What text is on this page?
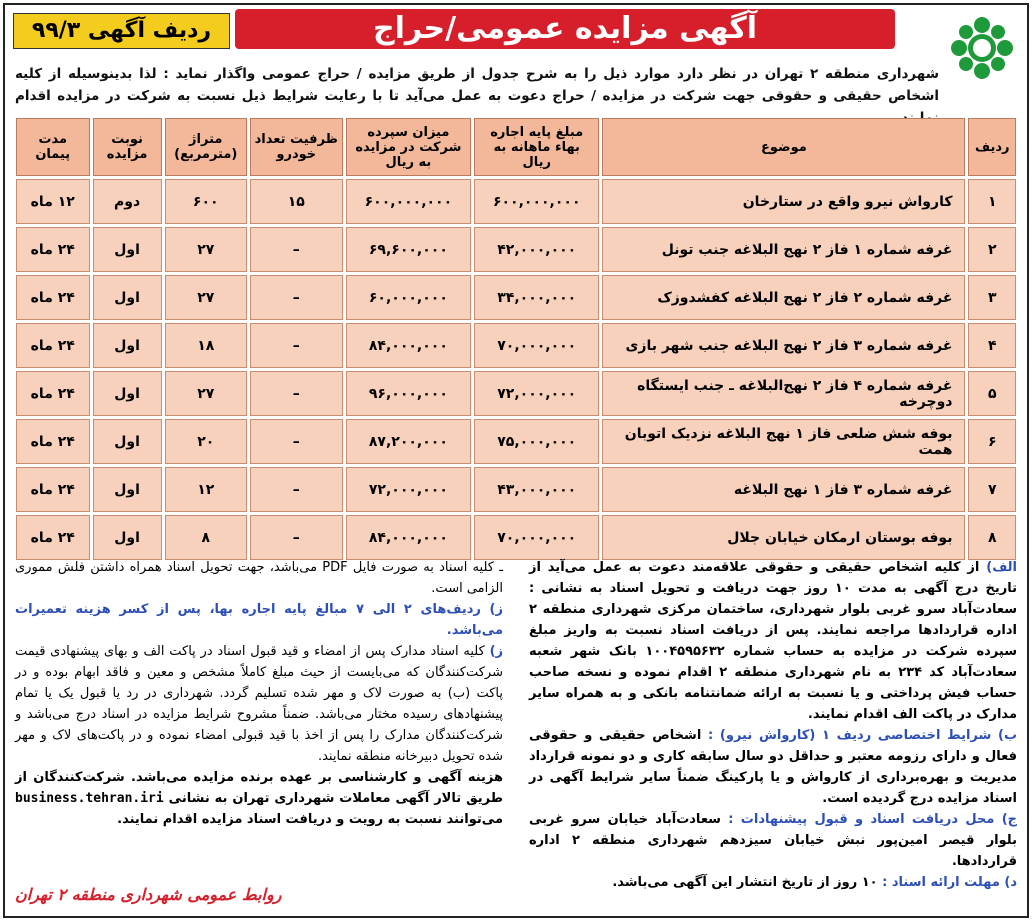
آگهی مزایده عمومی/حراج
ردیف آگهی ۹۹/۳
شهرداری منطقه ۲ تهران در نظر دارد موارد ذیل را به شرح جدول از طریق مزایده / حراج عمومی واگذار نماید : لذا بدینوسیله از کلیه اشخاص حقیقی و حقوقی جهت شرکت در مزایده / حراج دعوت به عمل می‌آید تا با رعایت شرایط ذیل نسبت به شرکت در مزایده اقدام
ردیف	موضوع	مبلغ پایه اجاره بهاء ماهانه به ریال	میزان سپرده شرکت در مزایده به ریال	ظرفیت تعداد خودرو	متراژ (مترمربع)	نوبت مزایده	مدت پیمان
۱	کارواش نیرو واقع در ستارخان	۶۰۰,۰۰۰,۰۰۰	۶۰۰,۰۰۰,۰۰۰	۱۵	۶۰۰	دوم	۱۲ ماه
۲	غرفه شماره ۱ فاز ۲ نهج البلاغه جنب تونل	۴۲,۰۰۰,۰۰۰	۶۹,۶۰۰,۰۰۰	–	۲۷	اول	۲۴ ماه
۳	غرفه شماره ۲ فاز ۲ نهج البلاغه کفشدوزک	۳۴,۰۰۰,۰۰۰	۶۰,۰۰۰,۰۰۰	–	۲۷	اول	۲۴ ماه
۴	غرفه شماره ۳ فاز ۲ نهج البلاغه جنب شهر بازی	۷۰,۰۰۰,۰۰۰	۸۴,۰۰۰,۰۰۰	–	۱۸	اول	۲۴ ماه
۵	غرفه شماره ۴ فاز ۲ نهج‌البلاغه ـ جنب ایستگاه دوچرخه	۷۲,۰۰۰,۰۰۰	۹۶,۰۰۰,۰۰۰	–	۲۷	اول	۲۴ ماه
۶	بوفه شش ضلعی فاز ۱ نهج البلاغه نزدیک اتوبان همت	۷۵,۰۰۰,۰۰۰	۸۷,۲۰۰,۰۰۰	–	۲۰	اول	۲۴ ماه
۷	غرفه شماره ۳ فاز ۱ نهج البلاغه	۴۳,۰۰۰,۰۰۰	۷۲,۰۰۰,۰۰۰	–	۱۲	اول	۲۴ ماه
۸	بوفه بوستان ارمکان خیابان جلال	۷۰,۰۰۰,۰۰۰	۸۴,۰۰۰,۰۰۰	–	۸	اول	۲۴ ماه
الف) از کلیه اشخاص حقیقی و حقوقی علاقه‌مند دعوت به عمل می‌آید از تاریخ درج آگهی به مدت ۱۰ روز جهت دریافت و تحویل اسناد به نشانی : سعادت‌آباد سرو غربی بلوار شهرداری، ساختمان مرکزی شهرداری منطقه ۲ اداره قراردادها مراجعه نمایند. پس از دریافت اسناد نسبت به واریز مبلغ سپرده شرکت در مزایده به حساب شماره ۱۰۰۴۵۹۵۶۳۲ بانک شهر شعبه سعادت‌آباد کد ۲۳۴ به نام شهرداری منطقه ۲ اقدام نموده و نسخه صاحب حساب فیش پرداختی و یا نسبت به ارائه ضمانتنامه بانکی و به همراه سایر مدارک در پاکت الف اقدام نمایند.
ب) شرایط اختصاصی ردیف ۱ (کارواش نیرو) : اشخاص حقیقی و حقوقی فعال و دارای رزومه معتبر و حداقل دو سال سابقه کاری و دو نمونه قرارداد مدیریت و بهره‌برداری از کارواش و یا پارکینگ ضمناً سایر شرایط آگهی در اسناد مزایده درج گردیده است.
ج) محل دریافت اسناد و قبول پیشنهادات : سعادت‌آباد خیابان سرو غربی بلوار قیصر امین‌پور نبش خیابان سیزدهم شهرداری منطقه ۲ اداره قراردادها.
د) مهلت ارائه اسناد : ۱۰ روز از تاریخ انتشار این آگهی می‌باشد.
ـ کلیه اسناد به صورت فایل PDF می‌باشد، جهت تحویل اسناد همراه داشتن فلش مموری الزامی است.
ز) ردیف‌های ۲ الی ۷ مبالغ پایه اجاره بها، پس از کسر هزینه تعمیرات می‌باشد.
ز) کلیه اسناد مدارک پس از امضاء و قید قبول اسناد در پاکت الف و بهای پیشنهادی قیمت شرکت‌کنندگان که می‌بایست از حیث مبلغ کاملاً مشخص و معین و فاقد ابهام بوده و در پاکت (ب) به صورت لاک و مهر شده تسلیم گردد. شهرداری در رد یا قبول یک یا تمام پیشنهادهای رسیده مختار می‌باشد. ضمناً مشروح شرایط مزایده در اسناد درج می‌باشد و شرکت‌کنندگان مدارک را پس از اخذ با قید قبولی امضاء نموده و در پاکت‌های لاک و مهر شده تحویل دبیرخانه منطقه نمایند.
هزینه آگهی و کارشناسی بر عهده برنده مزایده می‌باشد. شرکت‌کنندگان از طریق تالار آگهی معاملات شهرداری تهران به نشانی business.tehran.iri می‌توانند نسبت به رویت و دریافت اسناد مزایده اقدام نمایند.
روابط عمومی شهرداری منطقه ۲ تهران
